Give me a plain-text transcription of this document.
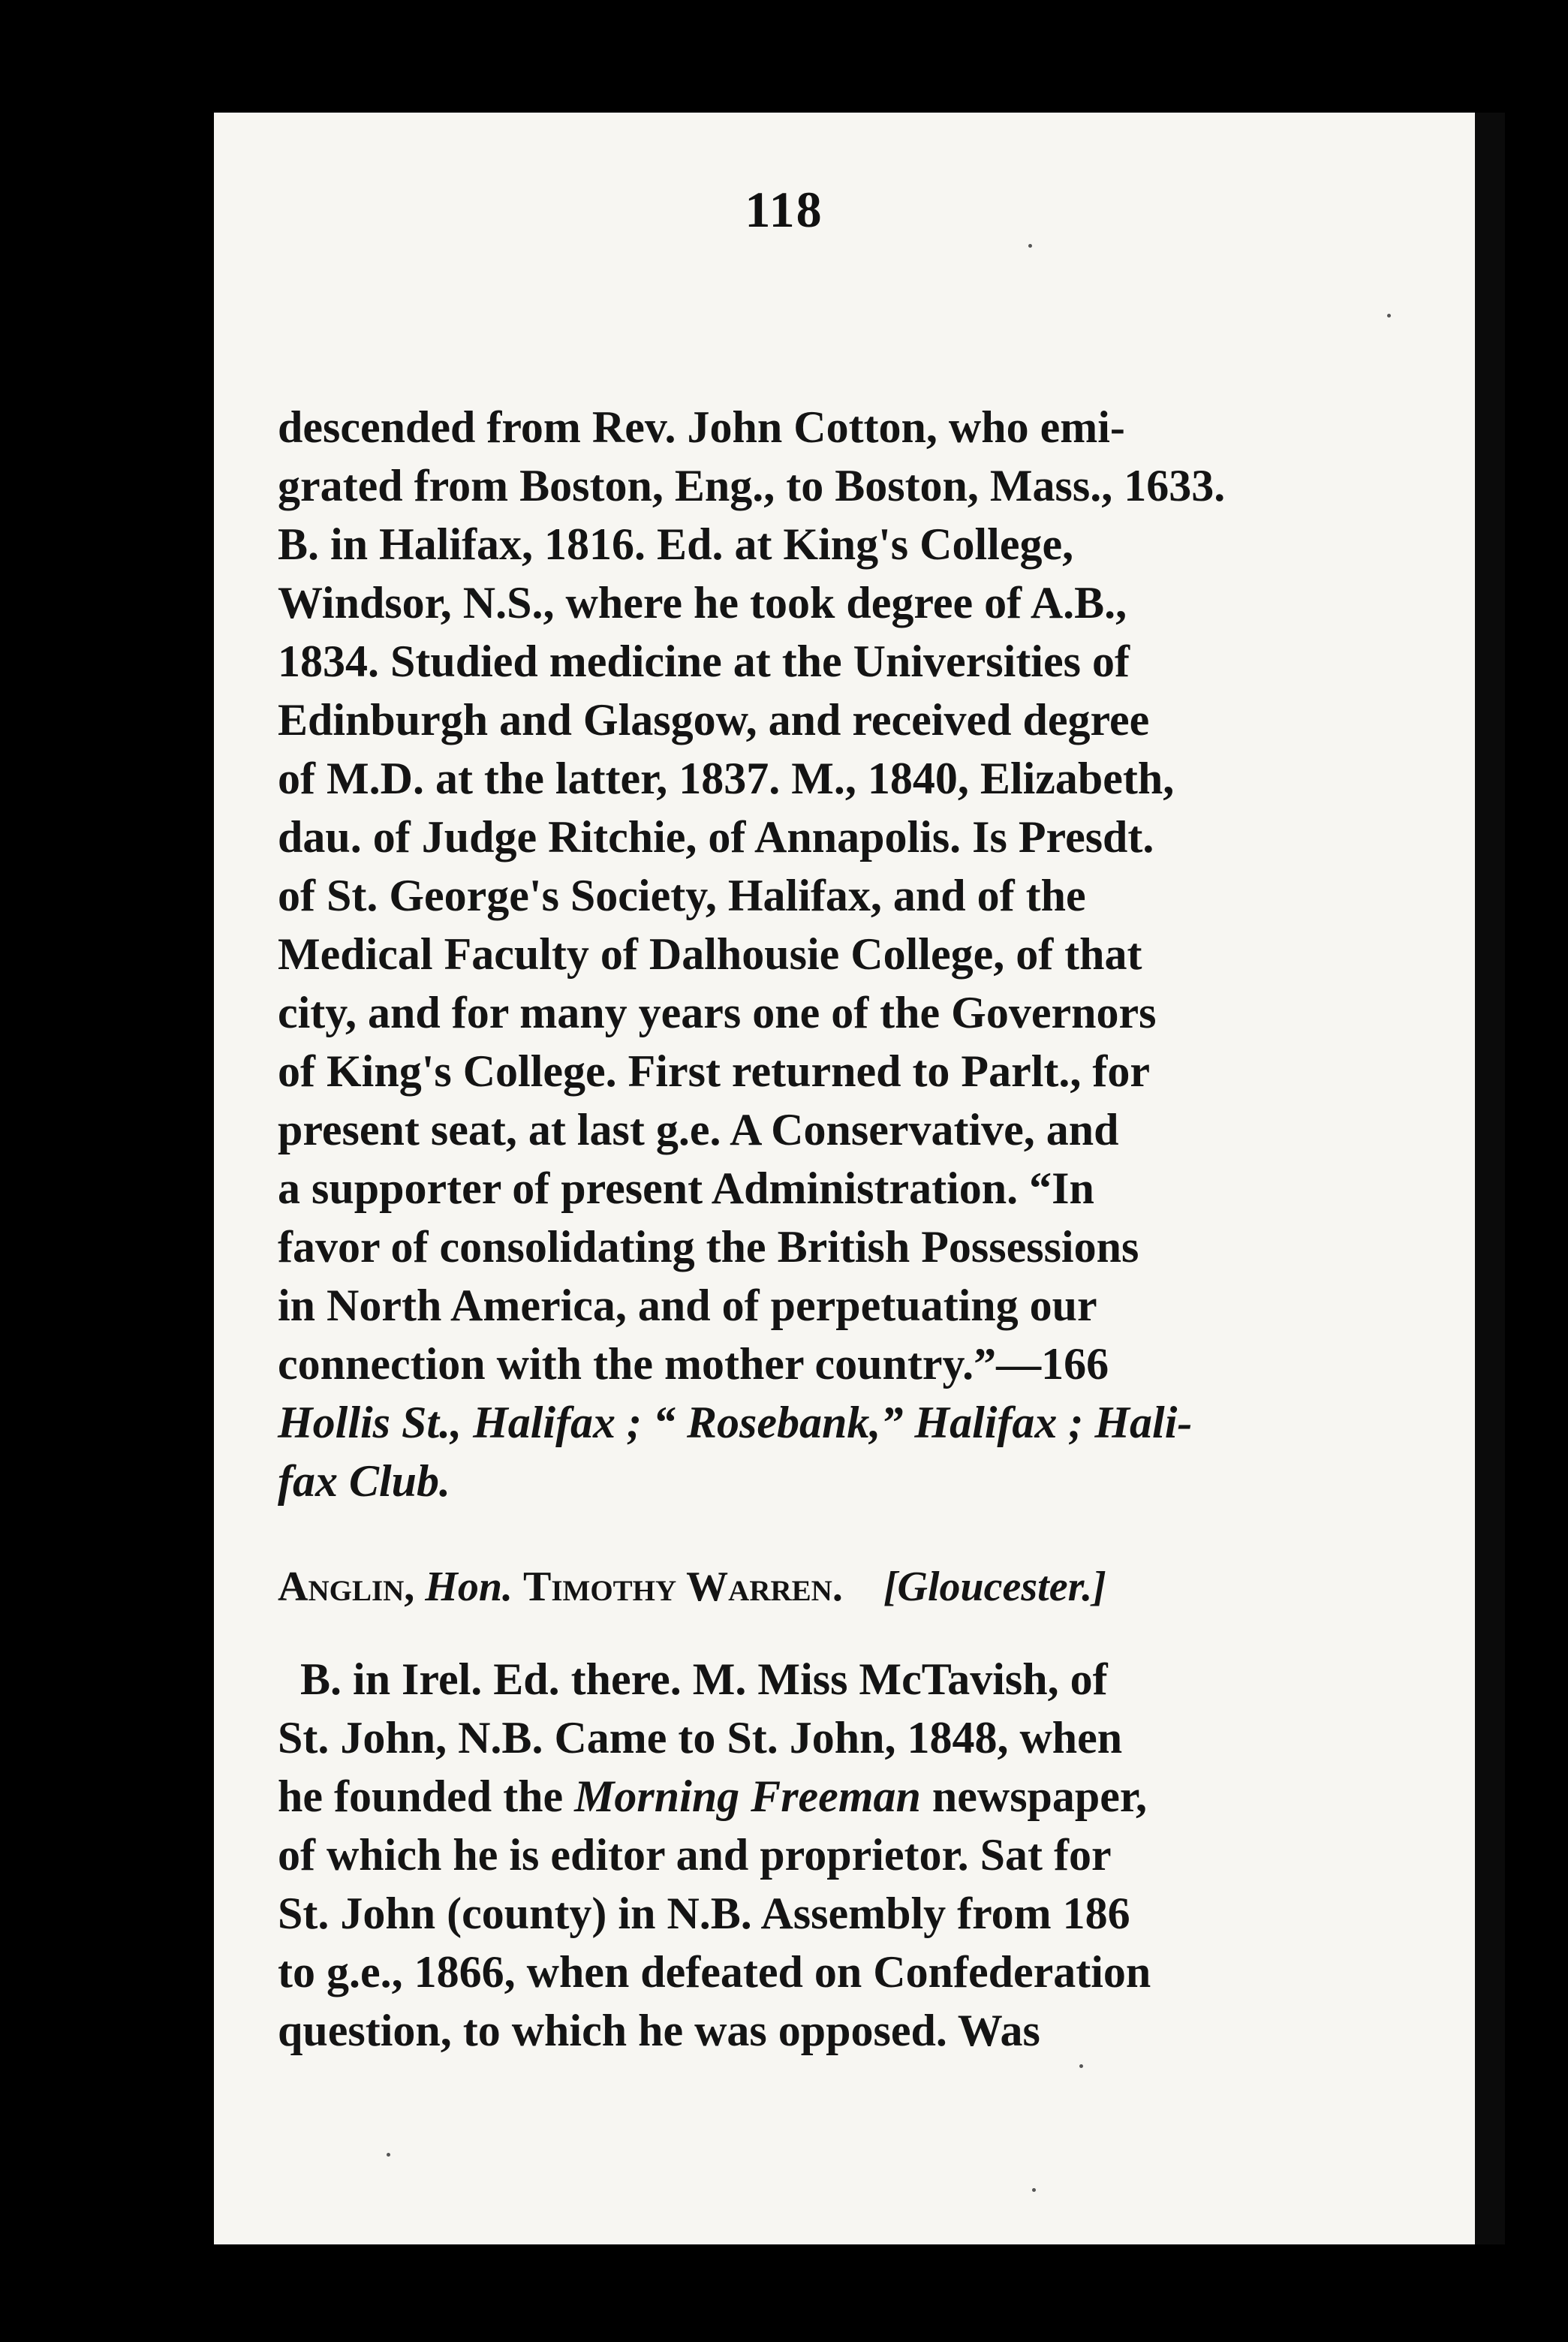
118
descended from Rev. John Cotton, who emi-
grated from Boston, Eng., to Boston, Mass., 1633.
B. in Halifax, 1816. Ed. at King's College,
Windsor, N.S., where he took degree of A.B.,
1834. Studied medicine at the Universities of
Edinburgh and Glasgow, and received degree
of M.D. at the latter, 1837. M., 1840, Elizabeth,
dau. of Judge Ritchie, of Annapolis. Is Presdt.
of St. George's Society, Halifax, and of the
Medical Faculty of Dalhousie College, of that
city, and for many years one of the Governors
of King's College. First returned to Parlt., for
present seat, at last g.e. A Conservative, and
a supporter of present Administration. “In
favor of consolidating the British Possessions
in North America, and of perpetuating our
connection with the mother country.”—166
Hollis St., Halifax ; “ Rosebank,” Halifax ; Hali-
fax Club.
Anglin, Hon. Timothy Warren. [Gloucester.]
B. in Irel. Ed. there. M. Miss McTavish, of
St. John, N.B. Came to St. John, 1848, when
he founded the Morning Freeman newspaper,
of which he is editor and proprietor. Sat for
St. John (county) in N.B. Assembly from 186
to g.e., 1866, when defeated on Confederation
question, to which he was opposed. Was
